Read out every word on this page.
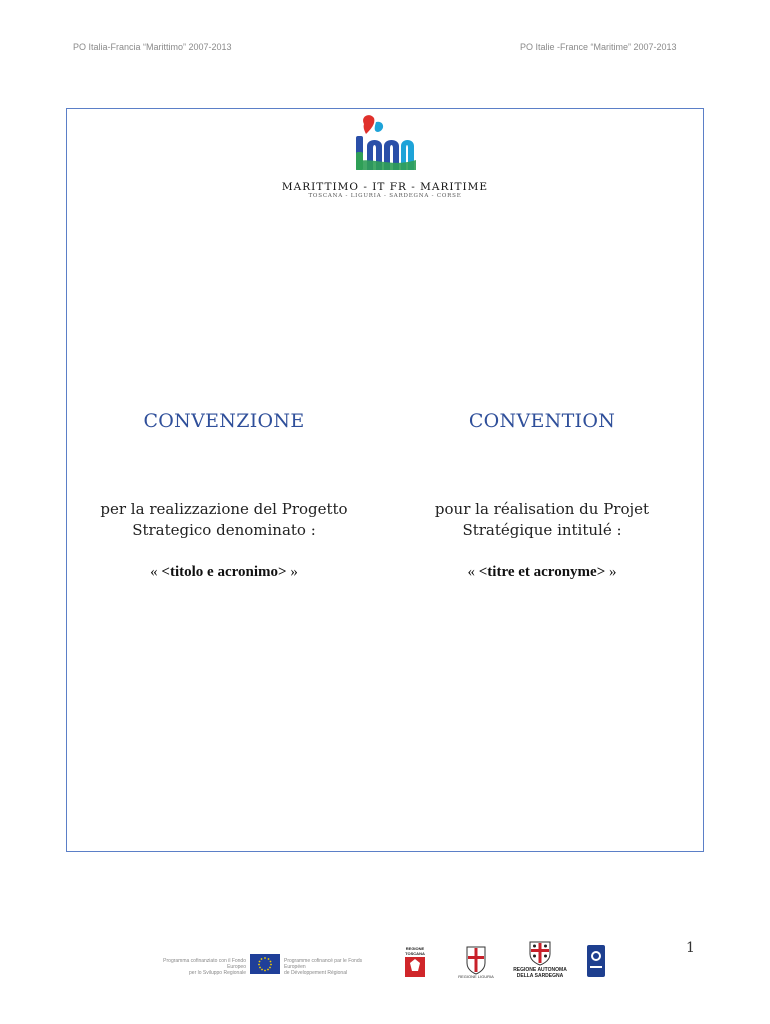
PO Italia-Francia “Marittimo” 2007-2013	PO Italie -France “Maritime” 2007-2013
MARITTIMO - IT FR - MARITIME
TOSCANA - LIGURIA - SARDEGNA - CORSE
CONVENZIONE
per la realizzazione del Progetto
Strategico denominato :
« <titolo e acronimo> »
CONVENTION
pour la réalisation du Projet
Stratégique intitulé :
« <titre et acronyme> »
1
Programma cofinanziato con il Fondo Europeo
per lo Sviluppo Regionale
Programme cofinancé par le Fonds Européen
de Développement Régional
REGIONE
TOSCANA
REGIONE LIGURIA
REGIONE AUTONOMA
DELLA SARDEGNA
